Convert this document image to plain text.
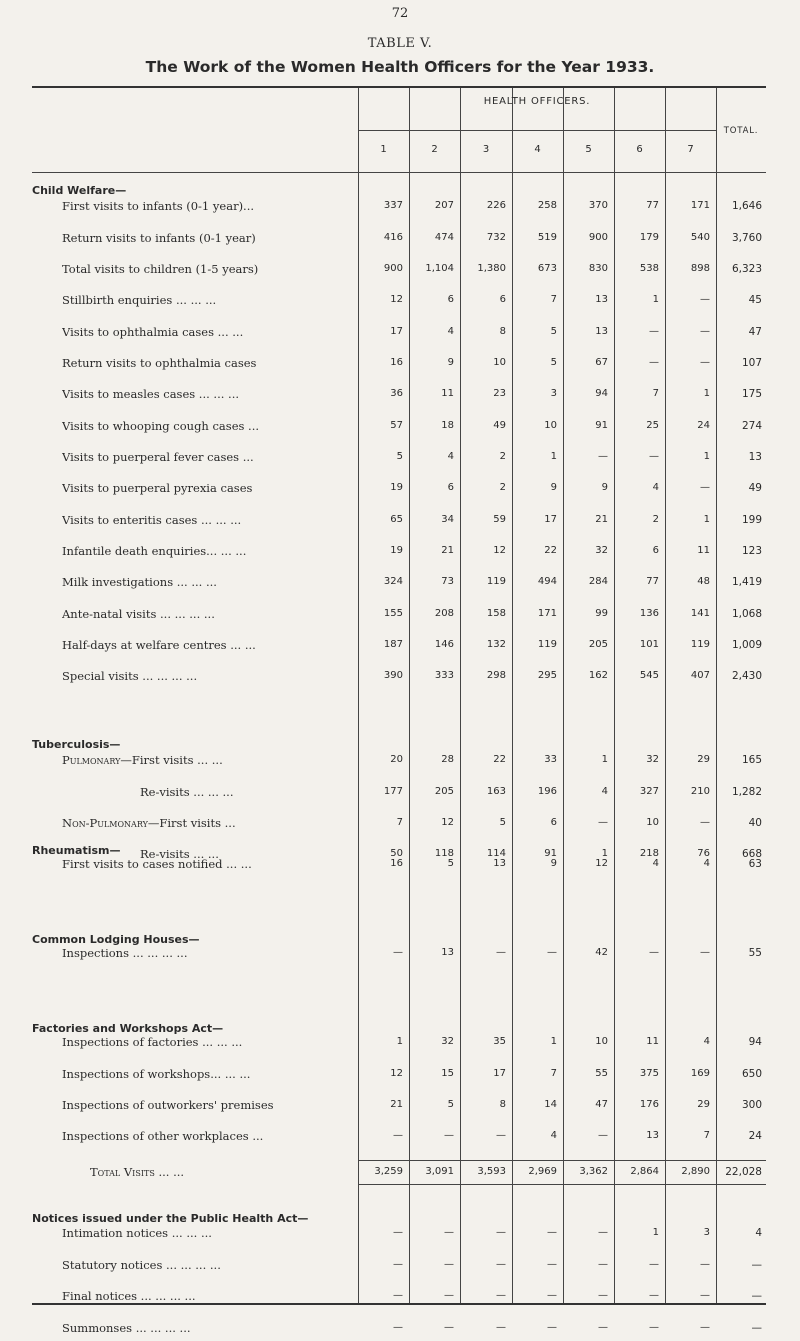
72
TABLE V.
The Work of the Women Health Officers for the Year 1933.
HEALTH OFFICERS.
TOTAL.
1	2	3	4	5	6	7
Child Welfare—
First visits to infants (0-1 year)...	337	207	226	258	370	77	171	1,646
Return visits to infants (0-1 year)	416	474	732	519	900	179	540	3,760
Total visits to children (1-5 years)	900	1,104	1,380	673	830	538	898	6,323
Stillbirth enquiries ... ... ...	12	6	6	7	13	1	—	45
Visits to ophthalmia cases ... ...	17	4	8	5	13	—	—	47
Return visits to ophthalmia cases	16	9	10	5	67	—	—	107
Visits to measles cases ... ... ...	36	11	23	3	94	7	1	175
Visits to whooping cough cases ...	57	18	49	10	91	25	24	274
Visits to puerperal fever cases ...	5	4	2	1	—	—	1	13
Visits to puerperal pyrexia cases	19	6	2	9	9	4	—	49
Visits to enteritis cases ... ... ...	65	34	59	17	21	2	1	199
Infantile death enquiries... ... ...	19	21	12	22	32	6	11	123
Milk investigations ... ... ...	324	73	119	494	284	77	48	1,419
Ante-natal visits ... ... ... ...	155	208	158	171	99	136	141	1,068
Half-days at welfare centres ... ...	187	146	132	119	205	101	119	1,009
Special visits ... ... ... ...	390	333	298	295	162	545	407	2,430
Tuberculosis—
Pulmonary—First visits ... ...	20	28	22	33	1	32	29	165
Re-visits ... ... ...	177	205	163	196	4	327	210	1,282
Non-Pulmonary—First visits ...	7	12	5	6	—	10	—	40
Re-visits ... ...	50	118	114	91	1	218	76	668
Rheumatism—
First visits to cases notified ... ...	16	5	13	9	12	4	4	63
Common Lodging Houses—
Inspections ... ... ... ...	—	13	—	—	42	—	—	55
Factories and Workshops Act—
Inspections of factories ... ... ...	1	32	35	1	10	11	4	94
Inspections of workshops... ... ...	12	15	17	7	55	375	169	650
Inspections of outworkers' premises	21	5	8	14	47	176	29	300
Inspections of other workplaces ...	—	—	—	4	—	13	7	24
Total Visits ... ...	3,259	3,091	3,593	2,969	3,362	2,864	2,890	22,028
Notices issued under the Public Health Act—
Intimation notices ... ... ...	—	—	—	—	—	1	3	4
Statutory notices ... ... ... ...	—	—	—	—	—	—	—	—
Final notices ... ... ... ...	—	—	—	—	—	—	—	—
Summonses ... ... ... ...	—	—	—	—	—	—	—	—
